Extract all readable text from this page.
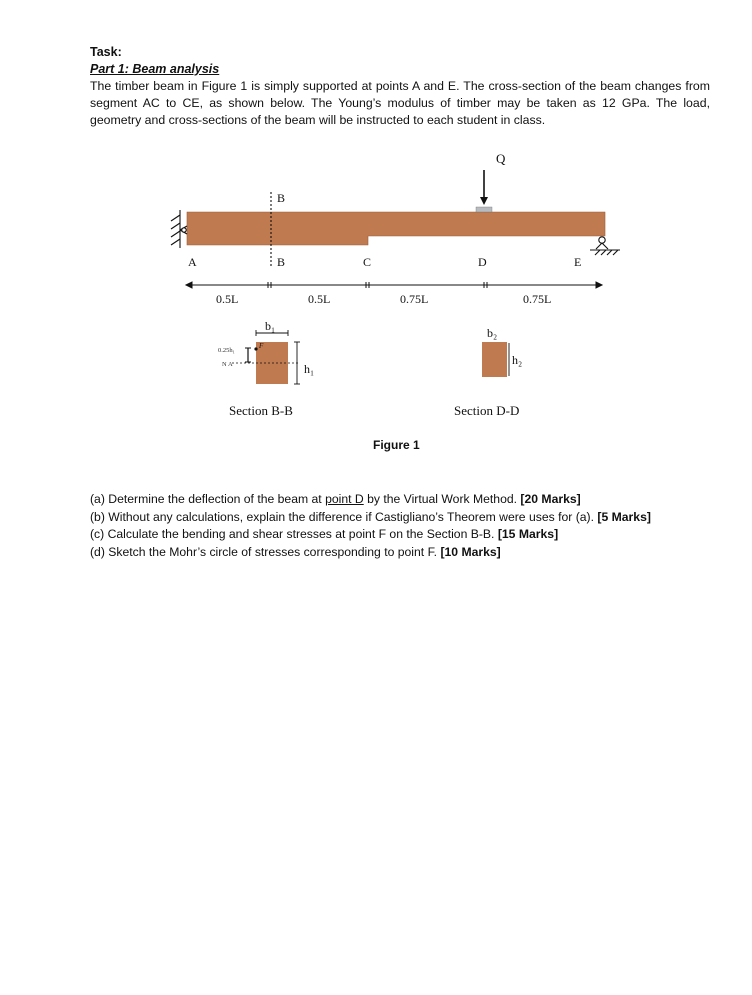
Task:
Part 1: Beam analysis
The timber beam in Figure 1 is simply supported at points A and E. The cross-section of the beam changes from segment AC to CE, as shown below. The Young’s modulus of timber may be taken as 12 GPa. The load, geometry and cross-sections of the beam will be instructed to each student in class.
Q
B
B
A	C	D	E
0.5L	0.5L	0.75L	0.75L
b₁
h₁
N A
0.25h₁
F
Section B-B
b₂
h₂
Section D-D
Figure 1
(a) Determine the deflection of the beam at point D by the Virtual Work Method. [20 Marks]
(b) Without any calculations, explain the difference if Castigliano’s Theorem were uses for (a). [5 Marks]
(c) Calculate the bending and shear stresses at point F on the Section B-B. [15 Marks]
(d) Sketch the Mohr’s circle of stresses corresponding to point F. [10 Marks]
